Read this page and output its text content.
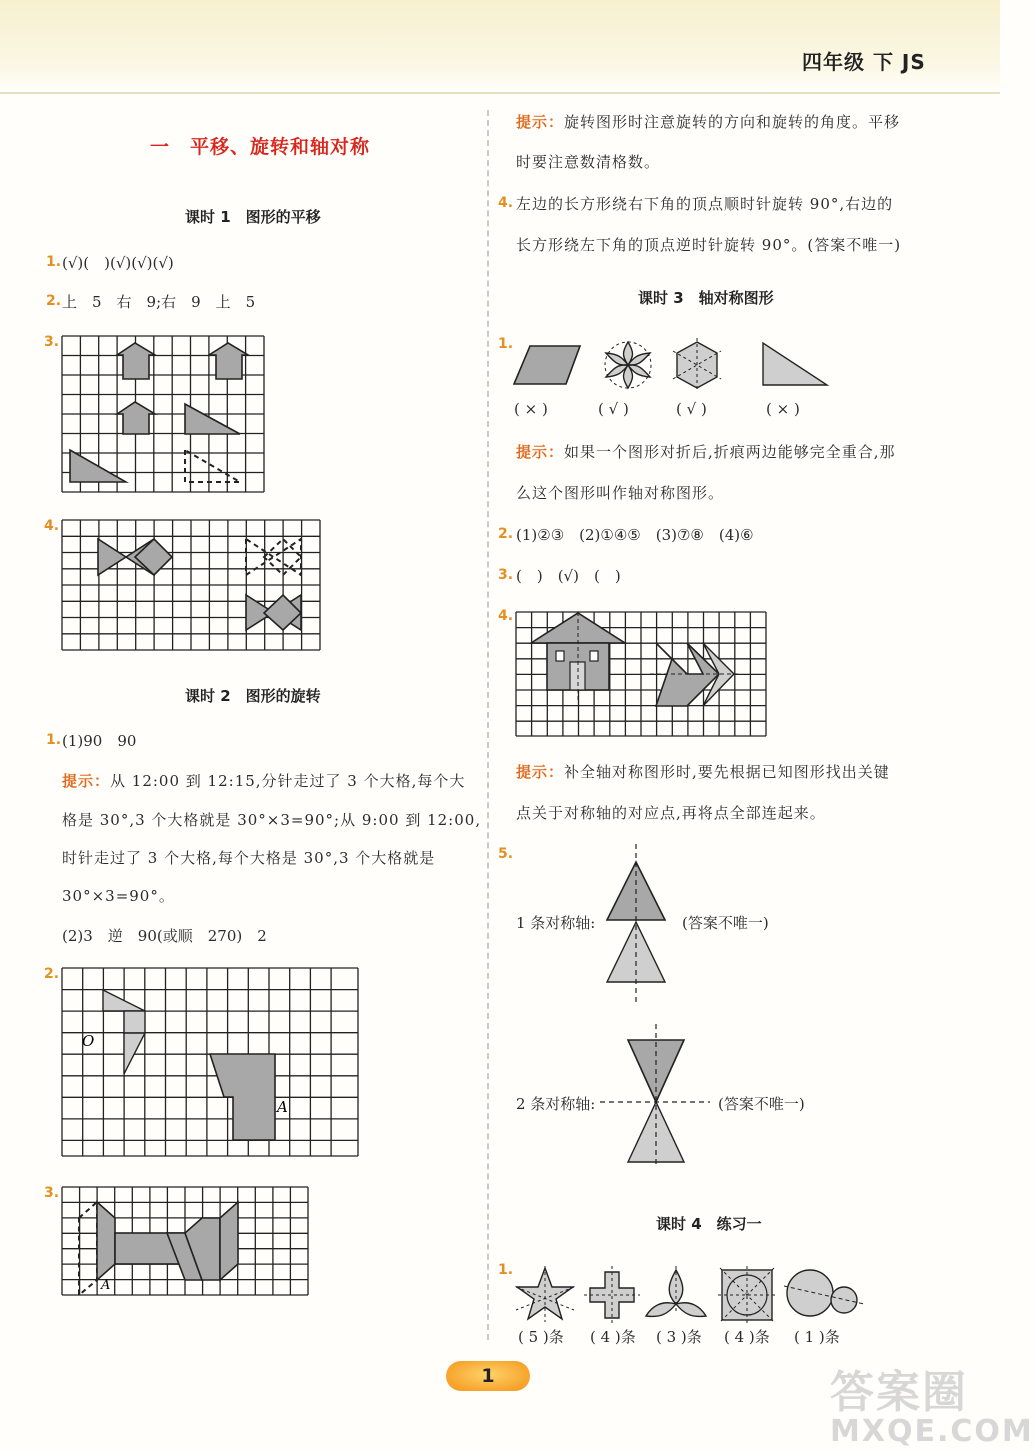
四年级 下 JS
一　平移、旋转和轴对称
课时 1　图形的平移
1. (√)(　)(√)(√)(√)
2. 上　5　右　9;右　9　上　5
3.
4.
课时 2　图形的旋转
1. (1)90　90
提示：从 12:00 到 12:15,分针走过了 3 个大格,每个大
格是 30°,3 个大格就是 30°×3=90°;从 9:00 到 12:00,
时针走过了 3 个大格,每个大格是 30°,3 个大格就是
30°×3=90°。
(2)3　逆　90(或顺　270)　2
2.
O
A
3.
A
提示：旋转图形时注意旋转的方向和旋转的角度。平移
时要注意数清格数。
4. 左边的长方形绕右下角的顶点顺时针旋转 90°,右边的
长方形绕左下角的顶点逆时针旋转 90°。(答案不唯一)
课时 3　轴对称图形
1.
( × )	( √ )	( √ )	( × )
提示：如果一个图形对折后,折痕两边能够完全重合,那
么这个图形叫作轴对称图形。
2. (1)②③　(2)①④⑤　(3)⑦⑧　(4)⑥
3. (　)　(√)　(　)
4.
提示：补全轴对称图形时,要先根据已知图形找出关键
点关于对称轴的对应点,再将点全部连起来。
5.
1 条对称轴:	(答案不唯一)
2 条对称轴:	(答案不唯一)
课时 4　练习一
1.
( 5 )条 ( 4 )条 ( 3 )条 ( 4 )条 ( 1 )条
1	答案圈
MXQE.COM
